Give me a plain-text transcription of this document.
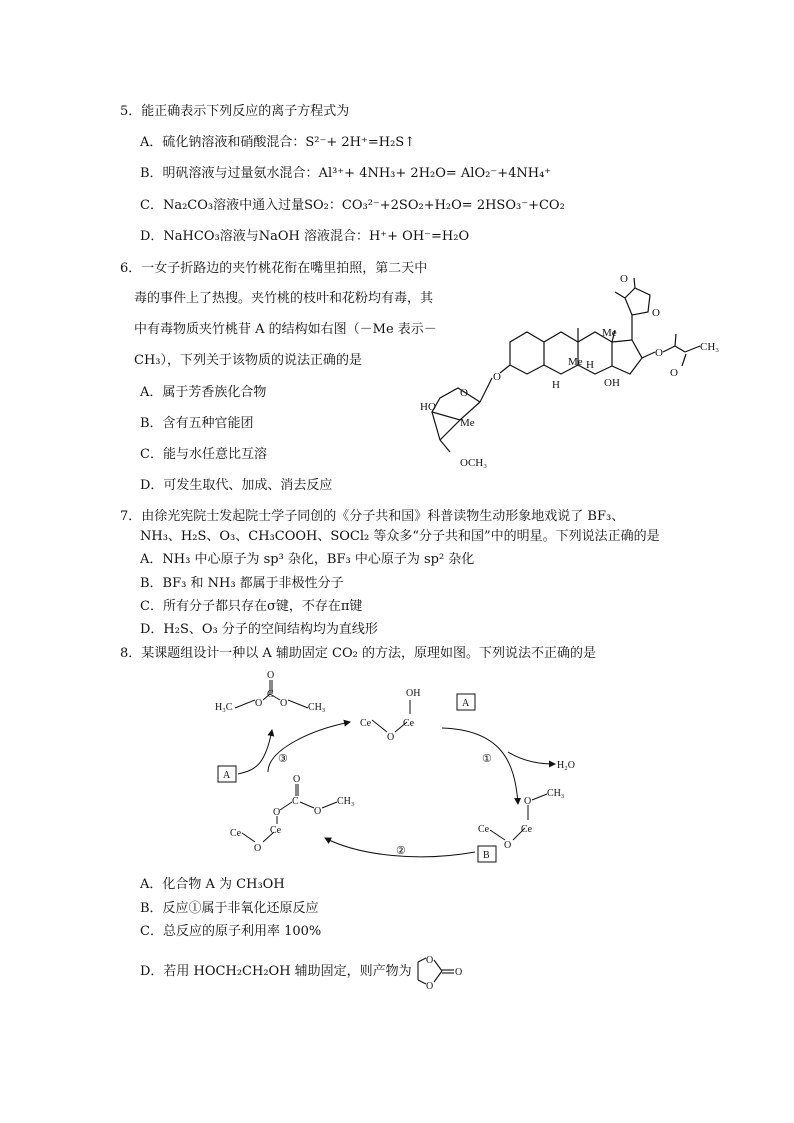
5．能正确表示下列反应的离子方程式为
A．硫化钠溶液和硝酸混合：S²⁻+ 2H⁺=H₂S↑
B．明矾溶液与过量氨水混合：Al³⁺+ 4NH₃+ 2H₂O= AlO₂⁻+4NH₄⁺
C．Na₂CO₃溶液中通入过量SO₂：CO₃²⁻+2SO₂+H₂O= 2HSO₃⁻+CO₂
D．NaHCO₃溶液与NaOH 溶液混合：H⁺+ OH⁻=H₂O
6．一女子折路边的夹竹桃花衔在嘴里拍照，第二天中
毒的事件上了热搜。夹竹桃的枝叶和花粉均有毒，其
中有毒物质夹竹桃苷 A 的结构如右图（－Me 表示－
CH₃），下列关于该物质的说法正确的是
A．属于芳香族化合物
B．含有五种官能团
C．能与水任意比互溶
D．可发生取代、加成、消去反应
O
O
Me
Me H
OH
H
O
O
CH₃
O
O
HO
Me
OCH₃
7．由徐光宪院士发起院士学子同创的《分子共和国》科普读物生动形象地戏说了 BF₃、
NH₃、H₂S、O₃、CH₃COOH、SOCl₂ 等众多“分子共和国”中的明星。下列说法正确的是
A．NH₃ 中心原子为 sp³ 杂化，BF₃ 中心原子为 sp² 杂化
B．BF₃ 和 NH₃ 都属于非极性分子
C．所有分子都只存在σ键，不存在π键
D．H₂S、O₃ 分子的空间结构均为直线形
8．某课题组设计一种以 A 辅助固定 CO₂ 的方法，原理如图。下列说法不正确的是
H₃C O
O
C
O CH₃
OH
Ce
O
Ce
A
①
H₂O
Ce
O
Ce
O
CH₃
B
②
Ce
O
Ce
O
C
O
O
CH₃
A
③
A．化合物 A 为 CH₃OH
B．反应①属于非氧化还原反应
C．总反应的原子利用率 100%
D．若用 HOCH₂CH₂OH 辅助固定，则产物为
O
O
O
